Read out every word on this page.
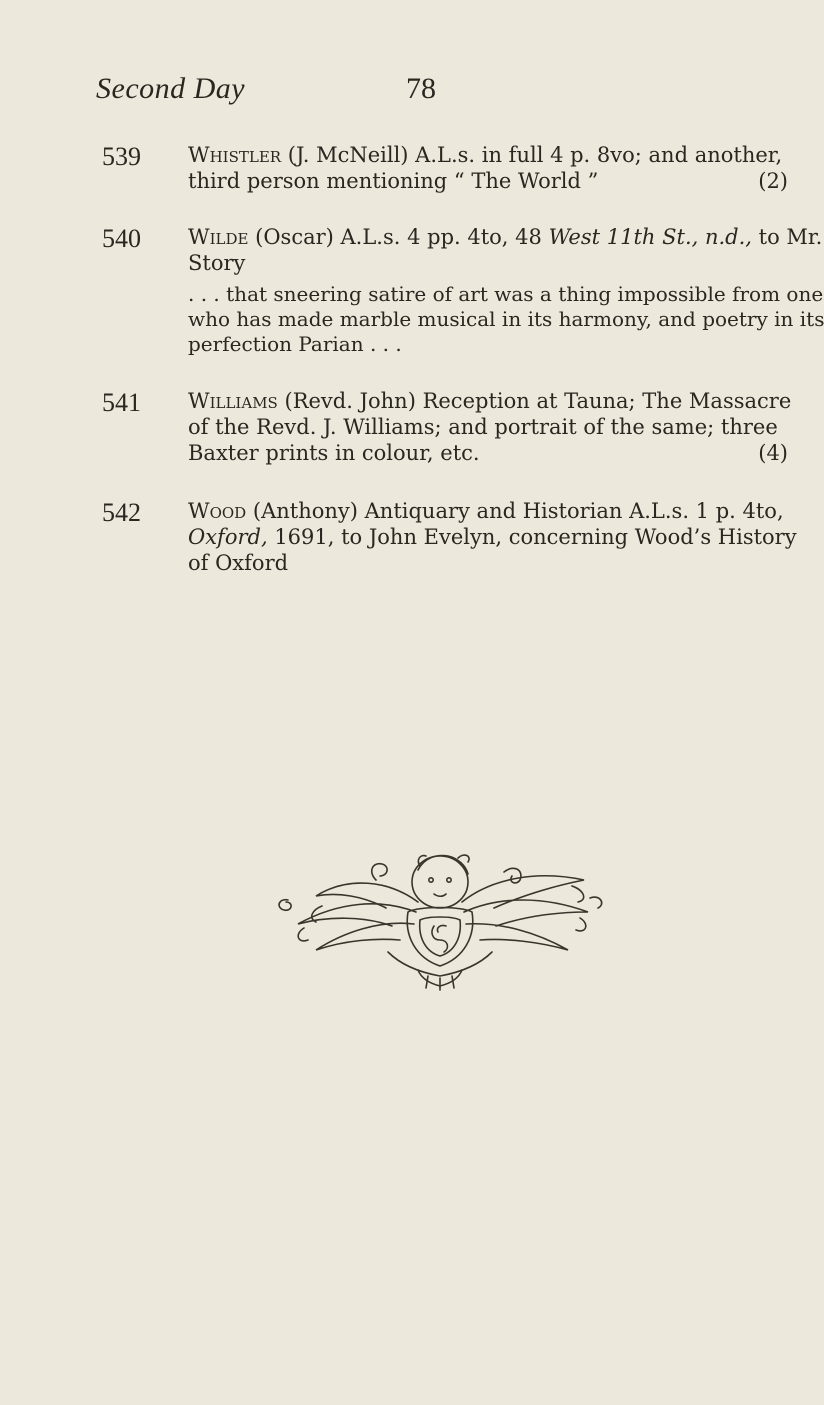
Second Day	78
539 Whistler (J. McNeill) A.L.s. in full 4 p. 8vo; and another,
third person mentioning “ The World ”	(2)
540 Wilde (Oscar) A.L.s. 4 pp. 4to, 48 West 11th St., n.d., to Mr.
Story
. . . that sneering satire of art was a thing impossible from one
who has made marble musical in its harmony, and poetry in its
perfection Parian . . .
541 Williams (Revd. John) Reception at Tauna; The Massacre
of the Revd. J. Williams; and portrait of the same; three
Baxter prints in colour, etc.	(4)
542 Wood (Anthony) Antiquary and Historian A.L.s. 1 p. 4to,
Oxford, 1691, to John Evelyn, concerning Wood’s History
of Oxford
